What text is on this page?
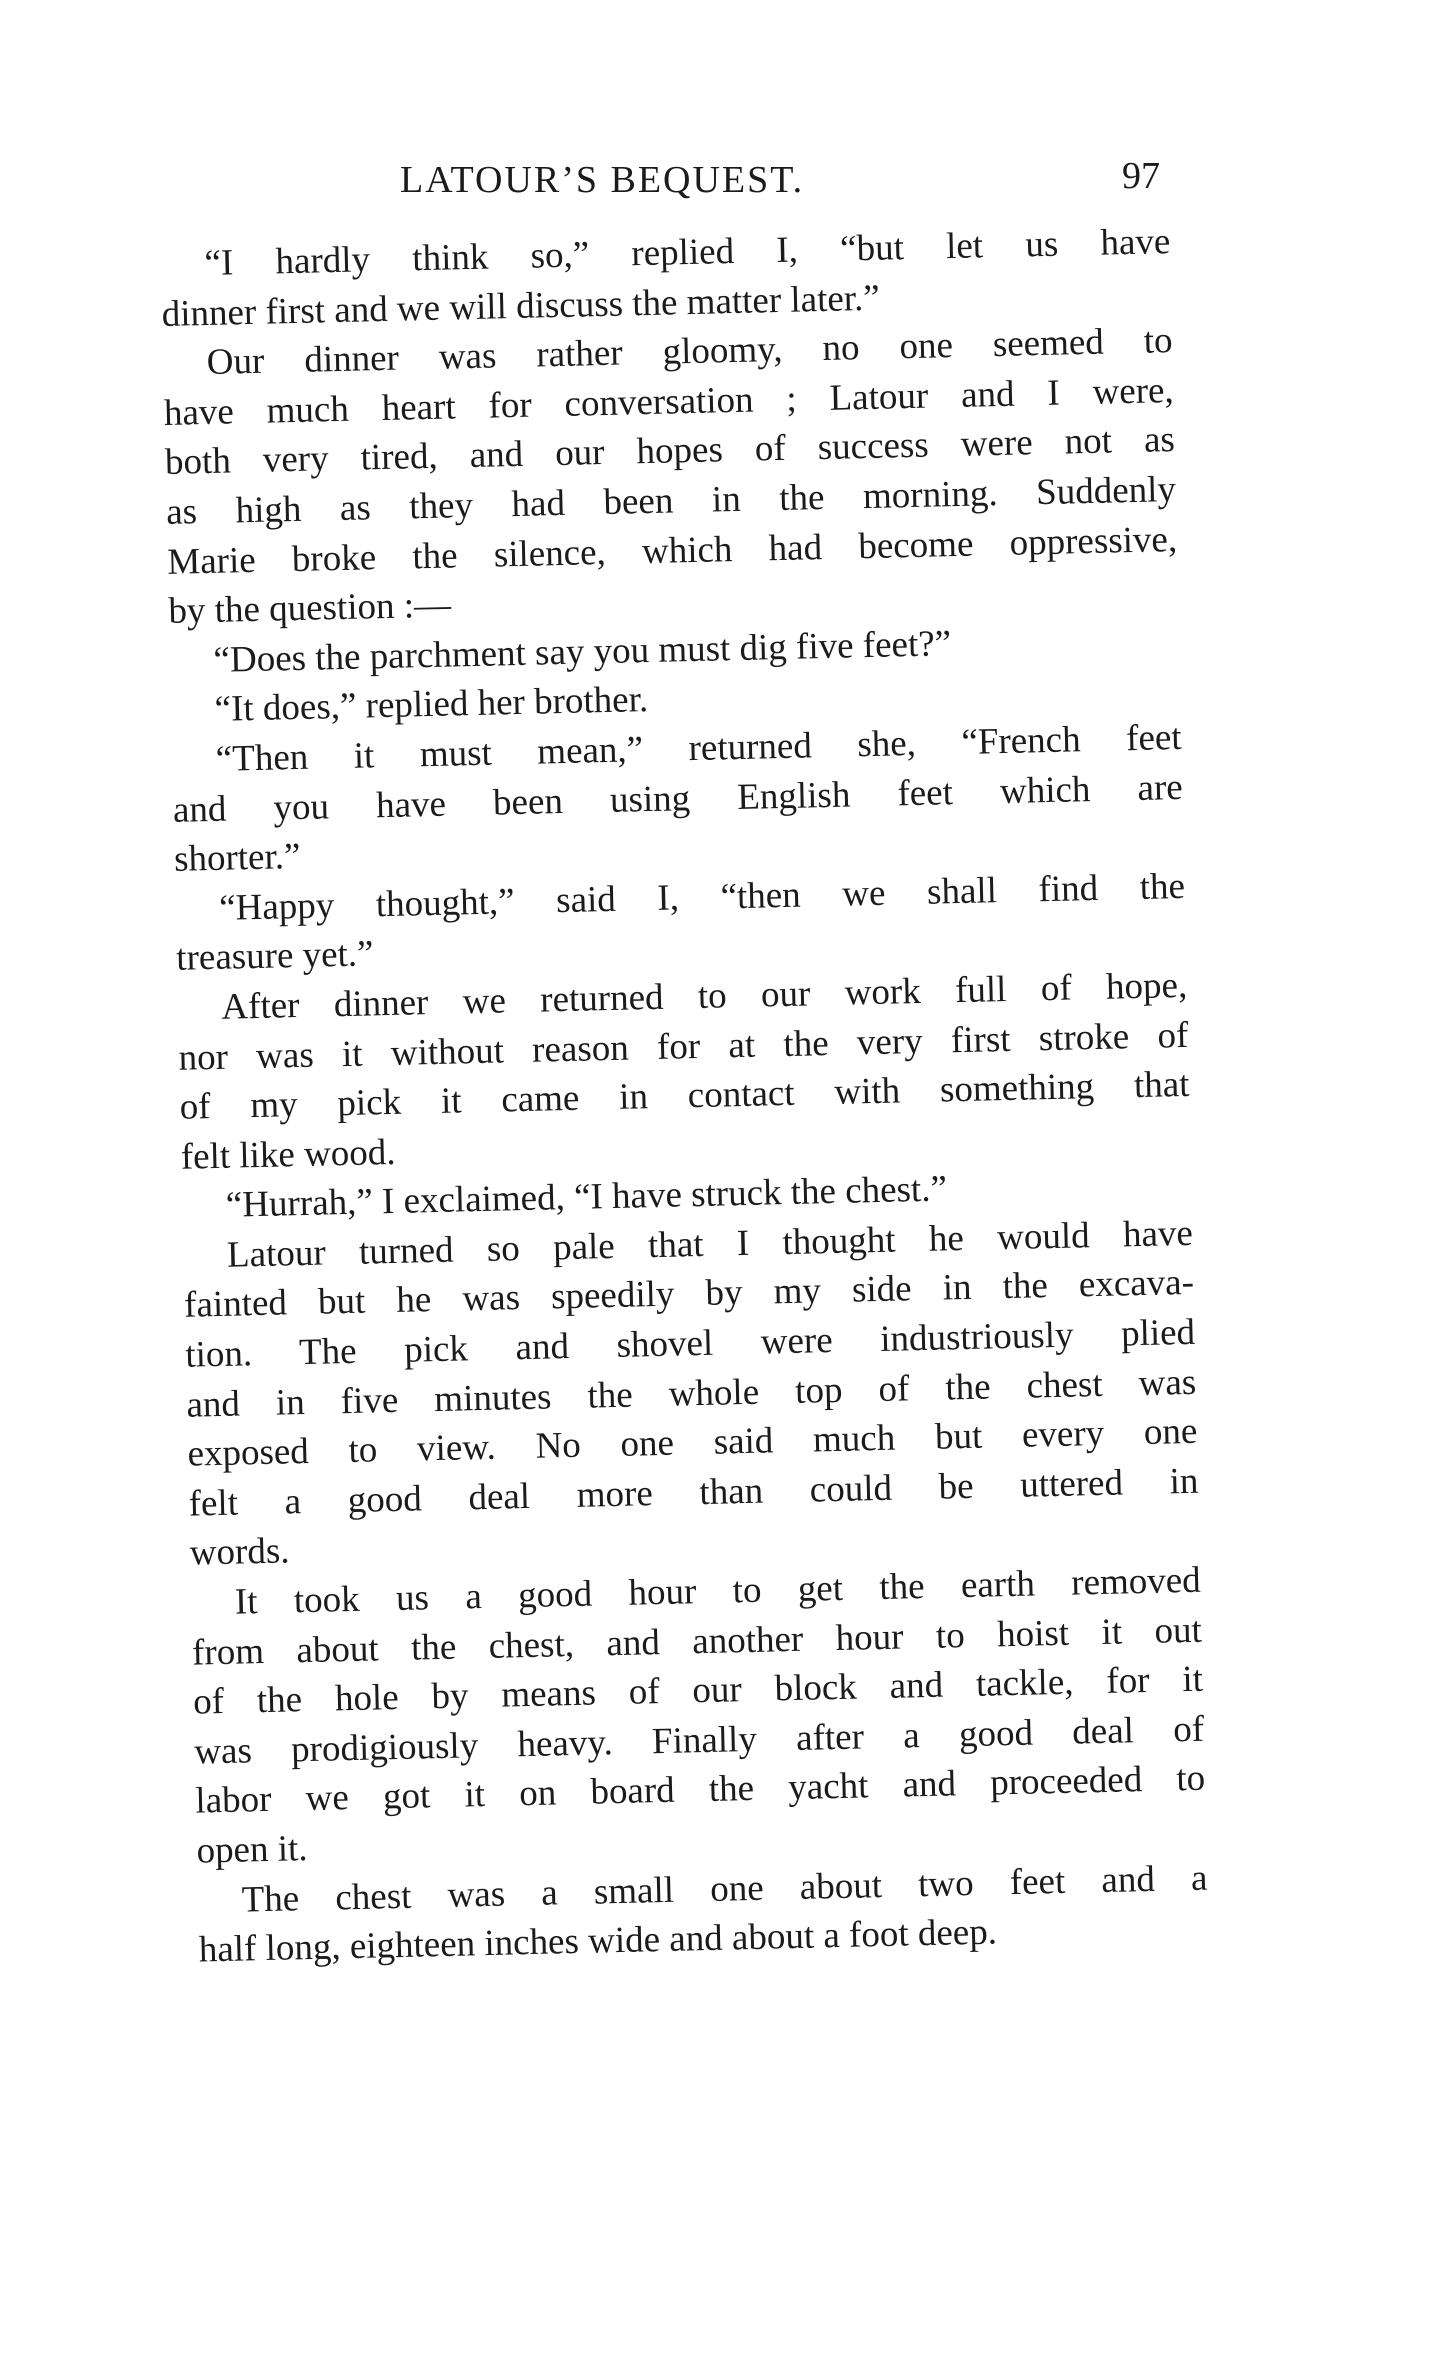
LATOUR’S BEQUEST.	97
“I hardly think so,” replied I, “but let us have
dinner first and we will discuss the matter later.”
Our dinner was rather gloomy, no one seemed to
have much heart for conversation ; Latour and I were,
both very tired, and our hopes of success were not as
as high as they had been in the morning. Suddenly
Marie broke the silence, which had become oppressive,
by the question :—
“Does the parchment say you must dig five feet?”
“It does,” replied her brother.
“Then it must mean,” returned she, “French feet
and you have been using English feet which are
shorter.”
“Happy thought,” said I, “then we shall find the
treasure yet.”
After dinner we returned to our work full of hope,
nor was it without reason for at the very first stroke of
of my pick it came in contact with something that
felt like wood.
“Hurrah,” I exclaimed, “I have struck the chest.”
Latour turned so pale that I thought he would have
fainted but he was speedily by my side in the excava-
tion. The pick and shovel were industriously plied
and in five minutes the whole top of the chest was
exposed to view. No one said much but every one
felt a good deal more than could be uttered in
words.
It took us a good hour to get the earth removed
from about the chest, and another hour to hoist it out
of the hole by means of our block and tackle, for it
was prodigiously heavy. Finally after a good deal of
labor we got it on board the yacht and proceeded to
open it.
The chest was a small one about two feet and a
half long, eighteen inches wide and about a foot deep.
